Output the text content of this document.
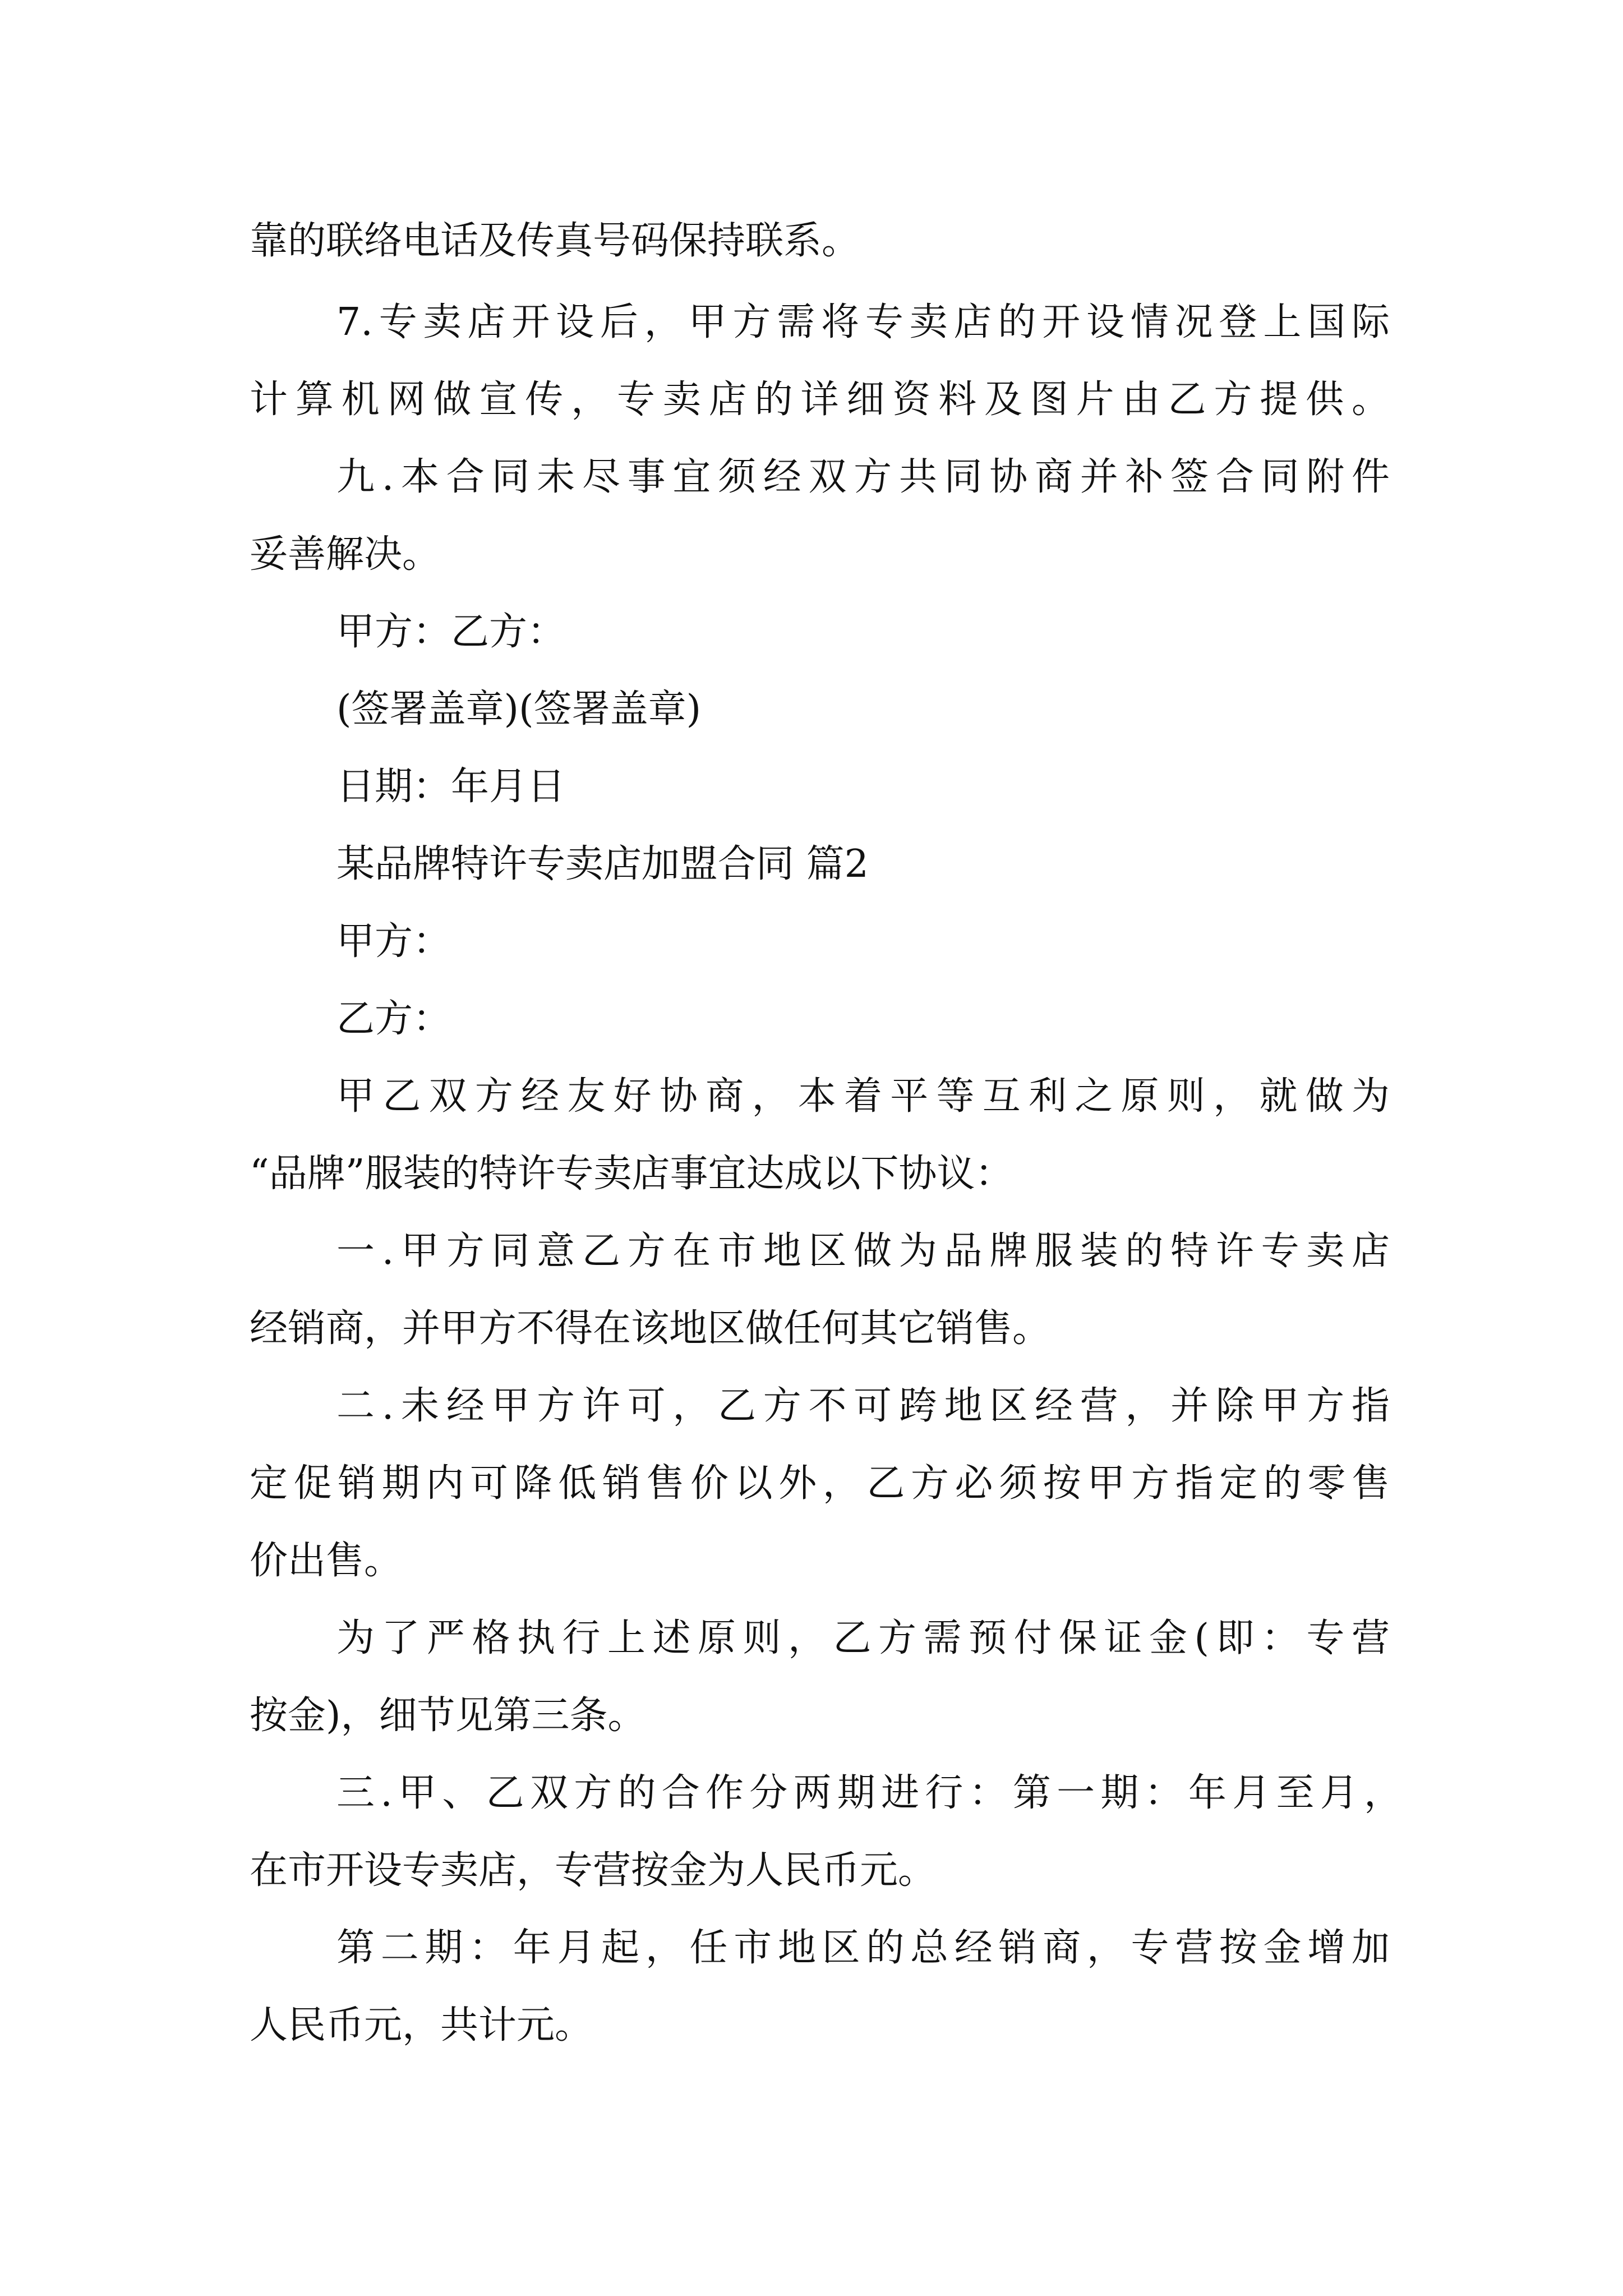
靠的联络电话及传真号码保持联系。
7.专卖店开设后，甲方需将专卖店的开设情况登上国际
计算机网做宣传，专卖店的详细资料及图片由乙方提供。
九.本合同未尽事宜须经双方共同协商并补签合同附件
妥善解决。
甲方：乙方：
(签署盖章)(签署盖章)
日期：年月日
某品牌特许专卖店加盟合同 篇2
甲方：
乙方：
甲乙双方经友好协商，本着平等互利之原则，就做为
“品牌”服装的特许专卖店事宜达成以下协议：
一.甲方同意乙方在市地区做为品牌服装的特许专卖店
经销商，并甲方不得在该地区做任何其它销售。
二.未经甲方许可，乙方不可跨地区经营，并除甲方指
定促销期内可降低销售价以外，乙方必须按甲方指定的零售
价出售。
为了严格执行上述原则，乙方需预付保证金(即：专营
按金)，细节见第三条。
三.甲、乙双方的合作分两期进行：第一期：年月至月，
在市开设专卖店，专营按金为人民币元。
第二期：年月起，任市地区的总经销商，专营按金增加
人民币元，共计元。
